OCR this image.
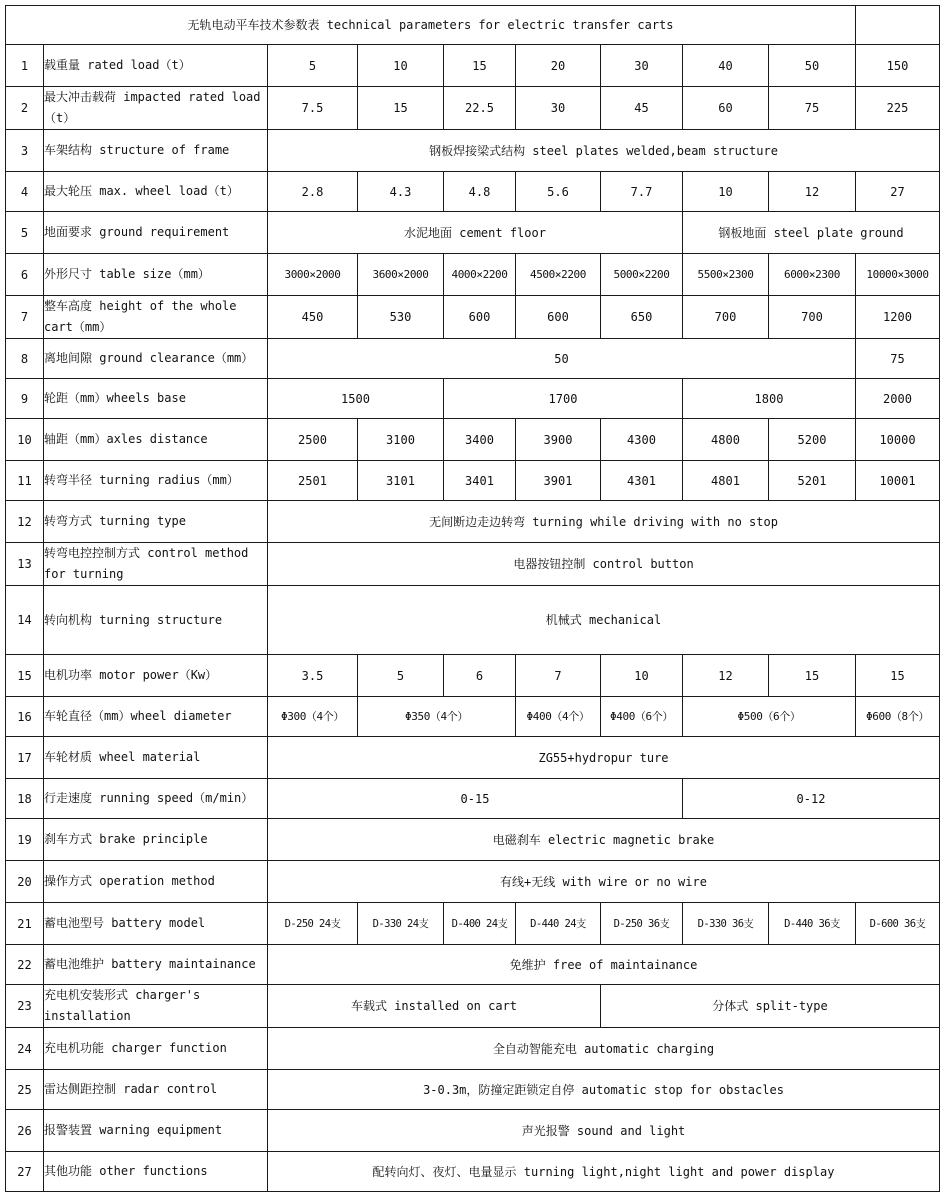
无轨电动平车技术参数表 technical parameters for electric transfer carts									
1	载重量 rated load（t）	5	10	15	20	30	40	50	150
2	最大冲击载荷 impacted rated load（t）	7.5	15	22.5	30	45	60	75	225
3	车架结构 structure of frame	钢板焊接梁式结构 steel plates welded,beam structure							
4	最大轮压 max. wheel load（t）	2.8	4.3	4.8	5.6	7.7	10	12	27
5	地面要求 ground requirement	水泥地面 cement floor					钢板地面 steel plate ground		
6	外形尺寸 table size（mm）	3000×2000	3600×2000	4000×2200	4500×2200	5000×2200	5500×2300	6000×2300	10000×3000
7	整车高度 height of the whole cart（mm）	450	530	600	600	650	700	700	1200
8	离地间隙 ground clearance（mm）	50							75
9	轮距（mm）wheels base	1500		1700			1800		2000
10	轴距（mm）axles distance	2500	3100	3400	3900	4300	4800	5200	10000
11	转弯半径 turning radius（mm）	2501	3101	3401	3901	4301	4801	5201	10001
12	转弯方式 turning type	无间断边走边转弯 turning while driving with no stop							
13	转弯电控控制方式 control method for turning	电器按钮控制 control button							
14	转向机构 turning structure	机械式 mechanical							
15	电机功率 motor power（Kw）	3.5	5	6	7	10	12	15	15
16	车轮直径（mm）wheel diameter	Φ300（4个）	Φ350（4个）		Φ400（4个）	Φ400（6个）	Φ500（6个）		Φ600（8个）
17	车轮材质 wheel material	ZG55+hydropur ture							
18	行走速度 running speed（m/min）	0-15					0-12		
19	刹车方式 brake principle	电磁刹车 electric magnetic brake							
20	操作方式 operation method	有线+无线 with wire or no wire							
21	蓄电池型号 battery model	D-250 24支	D-330 24支	D-400 24支	D-440 24支	D-250 36支	D-330 36支	D-440 36支	D-600 36支
22	蓄电池维护 battery maintainance	免维护 free of maintainance							
23	充电机安装形式 charger's installation	车载式 installed on cart				分体式 split-type			
24	充电机功能 charger function	全自动智能充电 automatic charging							
25	雷达侧距控制 radar control	3-0.3m，防撞定距锁定自停 automatic stop for obstacles							
26	报警装置 warning equipment	声光报警 sound and light							
27	其他功能 other functions	配转向灯、夜灯、电量显示 turning light,night light and power display							
